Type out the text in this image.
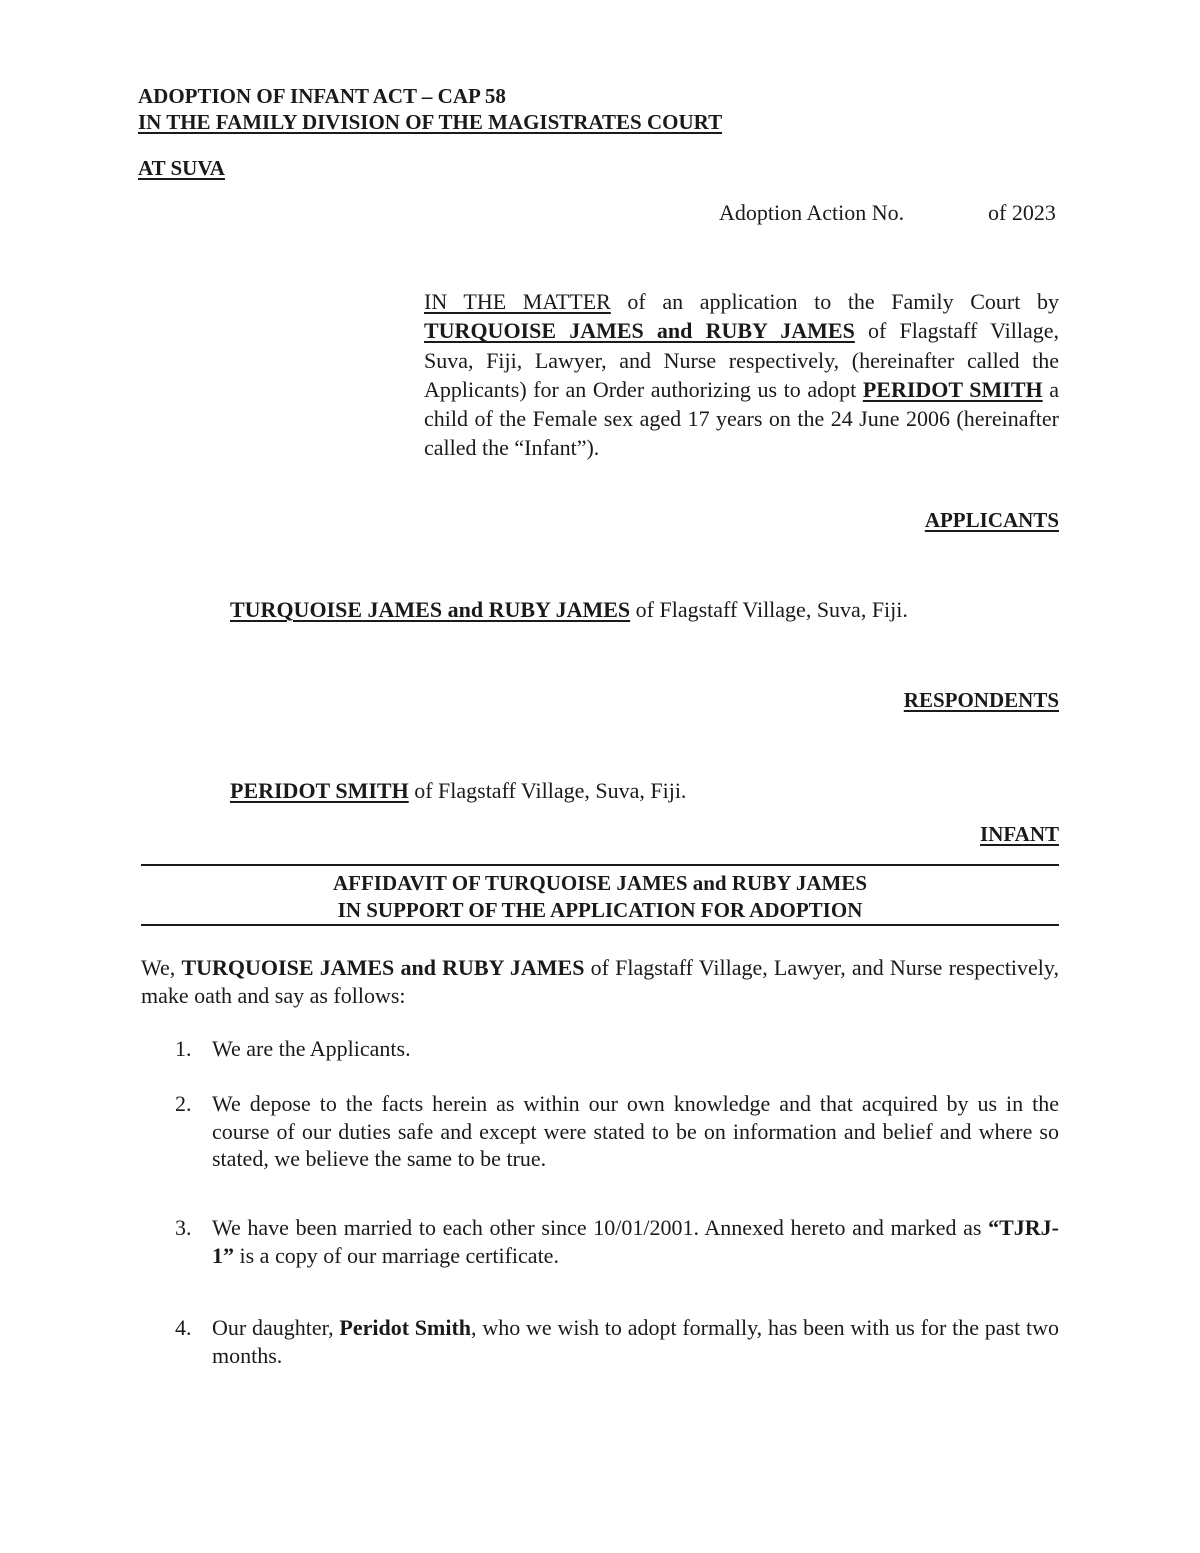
ADOPTION OF INFANT ACT – CAP 58
IN THE FAMILY DIVISION OF THE MAGISTRATES COURT
AT SUVA
Adoption Action No.	of 2023
IN THE MATTER of an application to the Family Court by TURQUOISE JAMES and RUBY JAMES of Flagstaff Village, Suva, Fiji, Lawyer, and Nurse respectively, (hereinafter called the Applicants) for an Order authorizing us to adopt PERIDOT SMITH a child of the Female sex aged 17 years on the 24 June 2006 (hereinafter called the “Infant”).
APPLICANTS
TURQUOISE JAMES and RUBY JAMES of Flagstaff Village, Suva, Fiji.
RESPONDENTS
PERIDOT SMITH of Flagstaff Village, Suva, Fiji.
INFANT
AFFIDAVIT OF TURQUOISE JAMES and RUBY JAMES
IN SUPPORT OF THE APPLICATION FOR ADOPTION
We, TURQUOISE JAMES and RUBY JAMES of Flagstaff Village, Lawyer, and Nurse respectively, make oath and say as follows:
1. We are the Applicants.
2. We depose to the facts herein as within our own knowledge and that acquired by us in the course of our duties safe and except were stated to be on information and belief and where so stated, we believe the same to be true.
3. We have been married to each other since 10/01/2001. Annexed hereto and marked as “TJRJ-1” is a copy of our marriage certificate.
4. Our daughter, Peridot Smith, who we wish to adopt formally, has been with us for the past two months.
